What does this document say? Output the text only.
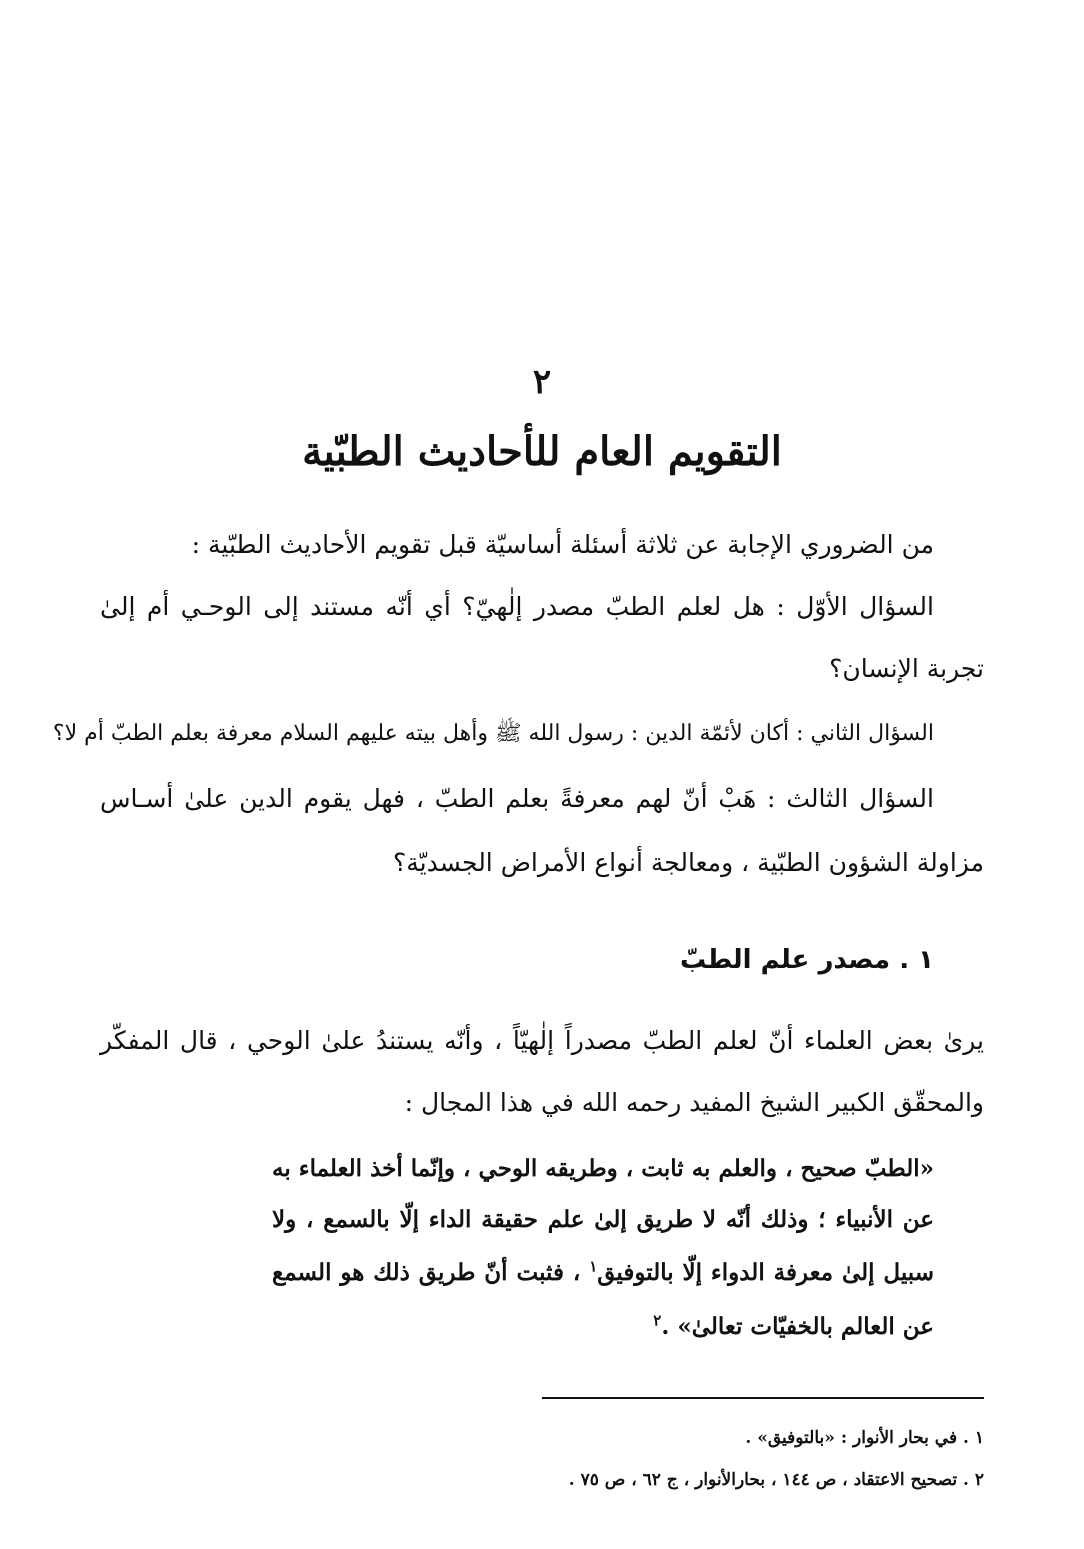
٢
التقويم العام للأحاديث الطبّية
من الضروري الإجابة عن ثلاثة أسئلة أساسيّة قبل تقويم الأحاديث الطبّية :
السؤال الأوّل : هل لعلم الطبّ مصدر إلٰهيّ؟ أي أنّه مستند إلى الوحـي أم إلىٰ
تجربة الإنسان؟
السؤال الثاني : أكان لأئمّة الدين : رسول الله ﷺ وأهل بيته عليهم السلام معرفة بعلم الطبّ أم لا؟
السؤال الثالث : هَبْ أنّ لهم معرفةً بعلم الطبّ ، فهل يقوم الدين علىٰ أسـاس
مزاولة الشؤون الطبّية ، ومعالجة أنواع الأمراض الجسديّة؟
١ . مصدر علم الطبّ
يرىٰ بعض العلماء أنّ لعلم الطبّ مصدراً إلٰهيّاً ، وأنّه يستندُ علىٰ الوحي ، قال المفكّر
والمحقّق الكبير الشيخ المفيد رحمه الله في هذا المجال :
«الطبّ صحيح ، والعلم به ثابت ، وطريقه الوحي ، وإنّما أخذ العلماء به
عن الأنبياء ؛ وذلك أنّه لا طريق إلىٰ علم حقيقة الداء إلّا بالسمع ، ولا
سبيل إلىٰ معرفة الدواء إلّا بالتوفيق$^١$ ، فثبت أنّ طريق ذلك هو السمع
عن العالم بالخفيّات تعالىٰ» .$^٢$
١ . في بحار الأنوار : «بالتوفيق» .
٢ . تصحيح الاعتقاد ، ص ١٤٤ ، بحارالأنوار ، ج ٦٢ ، ص ٧٥ .
